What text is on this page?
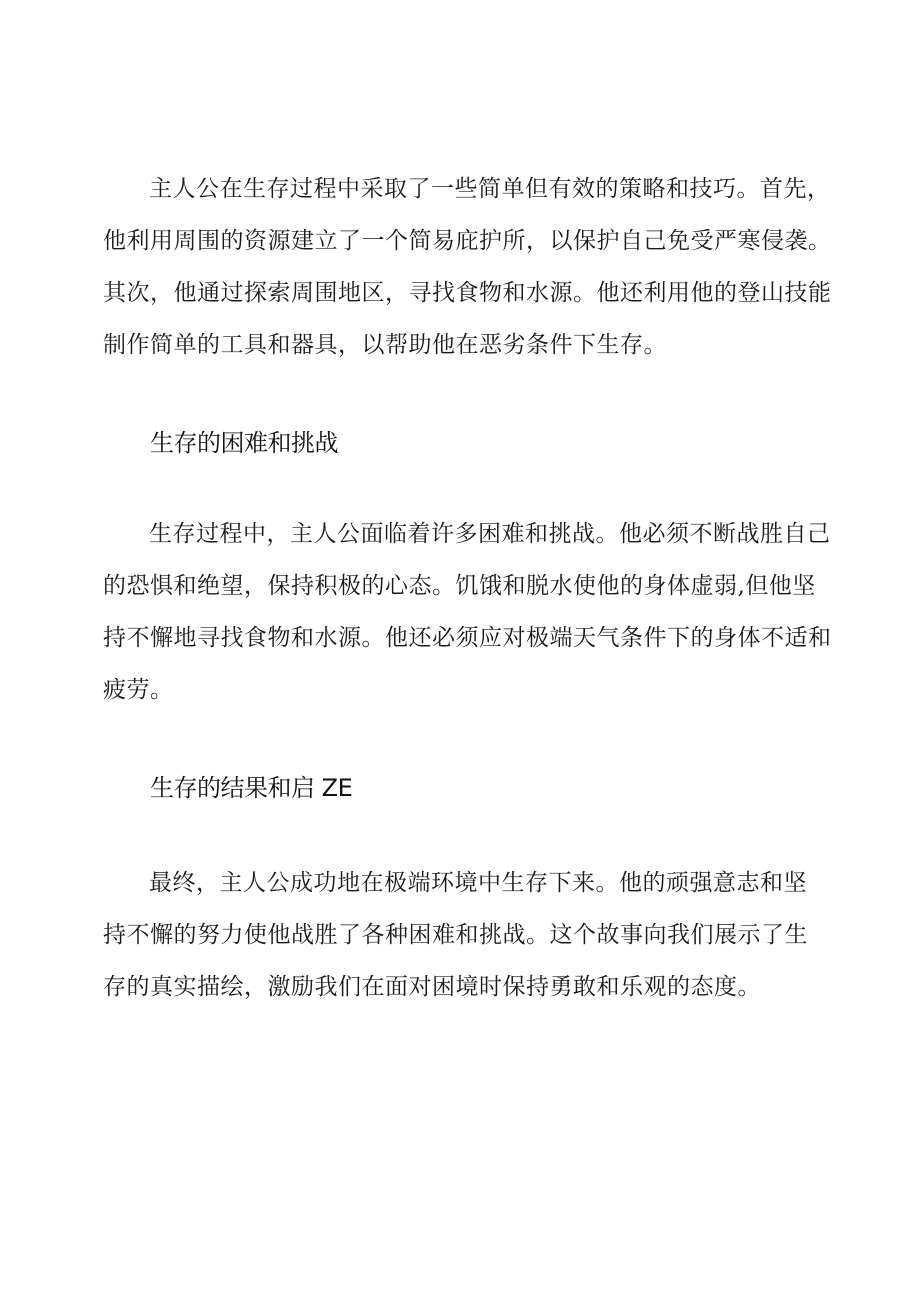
主人公在生存过程中采取了一些简单但有效的策略和技巧。首先，
他利用周围的资源建立了一个简易庇护所，以保护自己免受严寒侵袭。
其次，他通过探索周围地区，寻找食物和水源。他还利用他的登山技能
制作简单的工具和器具，以帮助他在恶劣条件下生存。
生存的困难和挑战
生存过程中，主人公面临着许多困难和挑战。他必须不断战胜自己
的恐惧和绝望，保持积极的心态。饥饿和脱水使他的身体虚弱,但他坚
持不懈地寻找食物和水源。他还必须应对极端天气条件下的身体不适和
疲劳。
生存的结果和启 ZE
最终，主人公成功地在极端环境中生存下来。他的顽强意志和坚
持不懈的努力使他战胜了各种困难和挑战。这个故事向我们展示了生
存的真实描绘，激励我们在面对困境时保持勇敢和乐观的态度。
